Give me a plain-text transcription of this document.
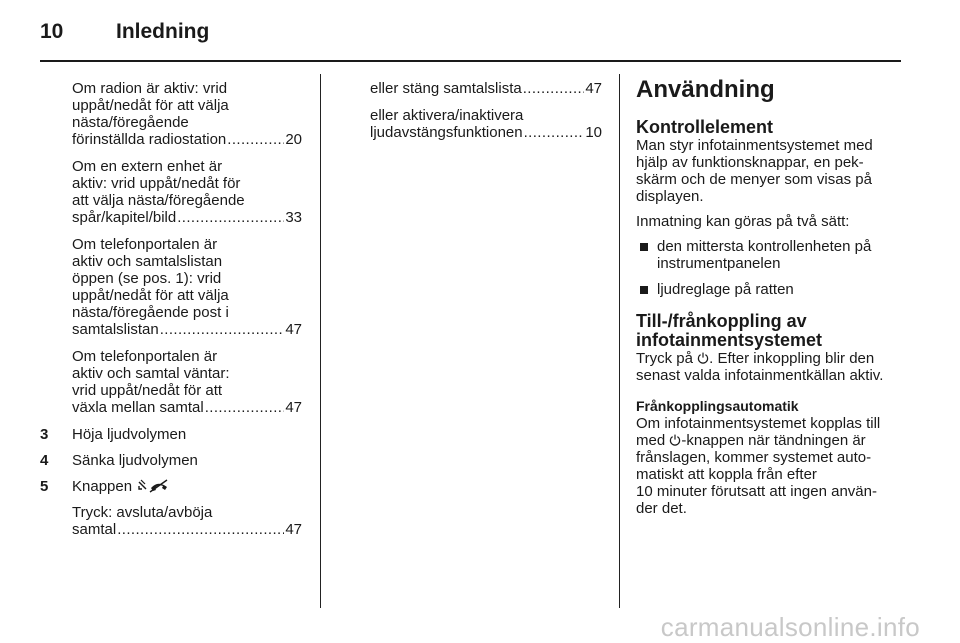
10	Inledning
Om radion är aktiv: vrid
uppåt/nedåt för att välja
nästa/föregående
förinställda radiostation .....	20
Om en extern enhet är
aktiv: vrid uppåt/nedåt för
att välja nästa/föregående
spår/kapitel/bild .....	33
Om telefonportalen är
aktiv och samtalslistan
öppen (se pos. 1): vrid
uppåt/nedåt för att välja
nästa/föregående post i
samtalslistan .....	47
Om telefonportalen är
aktiv och samtal väntar:
vrid uppåt/nedåt för att
växla mellan samtal .....	47
3	Höja ljudvolymen
4	Sänka ljudvolymen
5	Knappen
Tryck: avsluta/avböja
samtal .....	47
eller stäng samtalslista .....	47
eller aktivera/inaktivera
ljudavstängsfunktionen .....	10
Användning
Kontrollelement
Man styr infotainmentsystemet med
hjälp av funktionsknappar, en pek-
skärm och de menyer som visas på
displayen.
Inmatning kan göras på två sätt:
den mittersta kontrollenheten på
instrumentpanelen
ljudreglage på ratten
Till-/frånkoppling av
infotainmentsystemet
Tryck på . Efter inkoppling blir den
senast valda infotainmentkällan aktiv.
Frånkopplingsautomatik
Om infotainmentsystemet kopplas till
med -knappen när tändningen är
frånslagen, kommer systemet auto-
matiskt att koppla från efter
10 minuter förutsatt att ingen använ-
der det.
carmanualsonline.info
